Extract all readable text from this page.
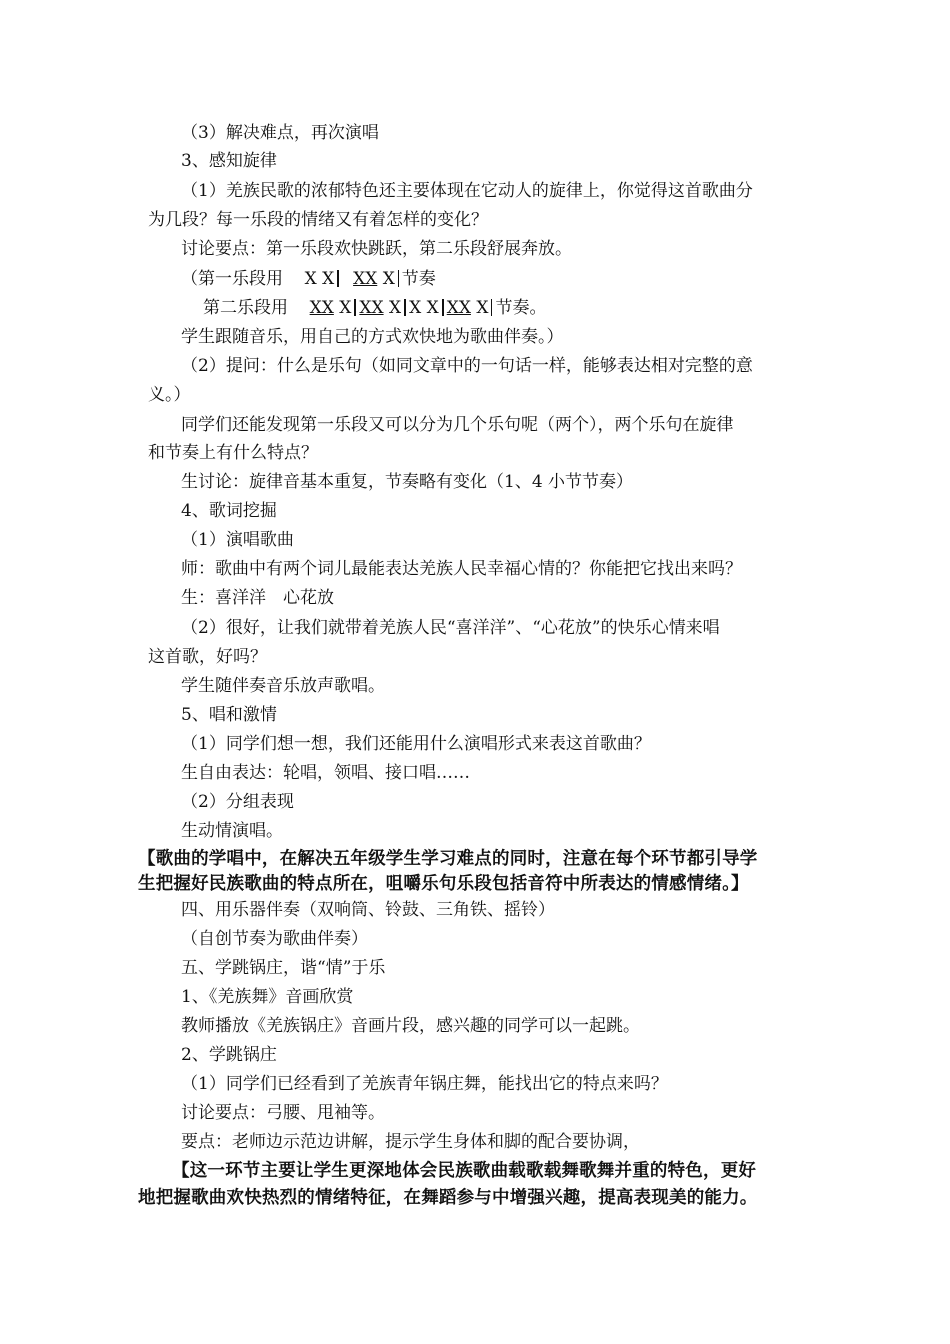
（3）解决难点，再次演唱
3、感知旋律
（1）羌族民歌的浓郁特色还主要体现在它动人的旋律上，你觉得这首歌曲分
为几段？每一乐段的情绪又有着怎样的变化？
讨论要点：第一乐段欢快跳跃，第二乐段舒展奔放。
（第一乐段用 X X XX X 节奏
第二乐段用 XX X XX X X X XX X 节奏。
学生跟随音乐，用自己的方式欢快地为歌曲伴奏。）
（2）提问：什么是乐句（如同文章中的一句话一样，能够表达相对完整的意
义。）
同学们还能发现第一乐段又可以分为几个乐句呢（两个），两个乐句在旋律
和节奏上有什么特点？
生讨论：旋律音基本重复，节奏略有变化（1、4 小节节奏）
4、歌词挖掘
（1）演唱歌曲
师：歌曲中有两个词儿最能表达羌族人民幸福心情的？你能把它找出来吗？
生：喜洋洋　心花放
（2）很好，让我们就带着羌族人民“喜洋洋”、“心花放”的快乐心情来唱
这首歌，好吗？
学生随伴奏音乐放声歌唱。
5、唱和激情
（1）同学们想一想，我们还能用什么演唱形式来表这首歌曲？
生自由表达：轮唱，领唱、接口唱……
（2）分组表现
生动情演唱。
【歌曲的学唱中，在解决五年级学生学习难点的同时，注意在每个环节都引导学
生把握好民族歌曲的特点所在，咀嚼乐句乐段包括音符中所表达的情感情绪。】
四、用乐器伴奏（双响筒、铃鼓、三角铁、摇铃）
（自创节奏为歌曲伴奏）
五、学跳锅庄，谐“情”于乐
1、《羌族舞》音画欣赏
教师播放《羌族锅庄》音画片段，感兴趣的同学可以一起跳。
2、学跳锅庄
（1）同学们已经看到了羌族青年锅庄舞，能找出它的特点来吗？
讨论要点：弓腰、甩袖等。
要点：老师边示范边讲解，提示学生身体和脚的配合要协调，
【这一环节主要让学生更深地体会民族歌曲载歌载舞歌舞并重的特色，更好
地把握歌曲欢快热烈的情绪特征，在舞蹈参与中增强兴趣，提高表现美的能力。
